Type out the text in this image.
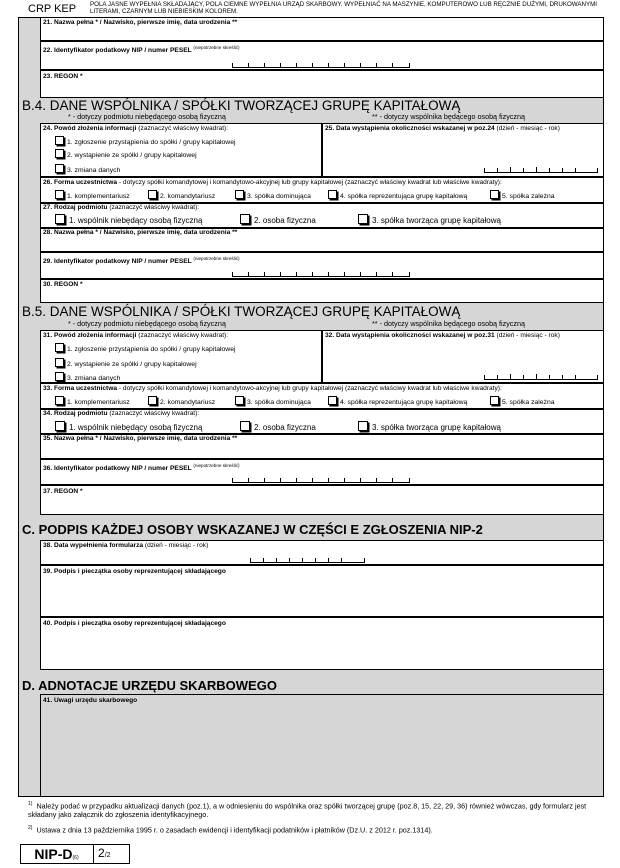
CRP KEP POLA JASNE WYPEŁNIA SKŁADAJĄCY, POLA CIEMNE WYPEŁNIA URZĄD SKARBOWY. WYPEŁNIAĆ NA MASZYNIE, KOMPUTEROWO LUB RĘCZNIE DUŻYMI, DRUKOWANYMI LITERAMI, CZARNYM LUB NIEBIESKIM KOLOREM.
21. Nazwa pełna * / Nazwisko, pierwsze imię, data urodzenia **
22. Identyfikator podatkowy NIP / numer PESEL $^{(niepotrzebne skreślić)}$
23. REGON *
B.4. DANE WSPÓLNIKA / SPÓŁKI TWORZĄCEJ GRUPĘ KAPITAŁOWĄ
* - dotyczy podmiotu niebędącego osobą fizyczną	** - dotyczy wspólnika będącego osobą fizyczną
24. Powód złożenia informacji (zaznaczyć właściwy kwadrat):
1. zgłoszenie przystąpienia do spółki / grupy kapitałowej
2. wystąpienie ze spółki / grupy kapitałowej
3. zmiana danych
25. Data wystąpienia okoliczności wskazanej w poz.24 (dzień - miesiąc - rok)
26. Forma uczestnictwa - dotyczy spółki komandytowej i komandytowo-akcyjnej lub grupy kapitałowej (zaznaczyć właściwy kwadrat lub właściwe kwadraty):
1. komplementariusz	2. komandytariusz	3. spółka dominująca	4. spółka reprezentująca grupę kapitałową	5. spółka zależna
27. Rodzaj podmiotu (zaznaczyć właściwy kwadrat):
1. wspólnik niebędący osobą fizyczną	2. osoba fizyczna	3. spółka tworząca grupę kapitałową
28. Nazwa pełna * / Nazwisko, pierwsze imię, data urodzenia **
29. Identyfikator podatkowy NIP / numer PESEL $^{(niepotrzebne skreślić)}$
30. REGON *
B.5. DANE WSPÓLNIKA / SPÓŁKI TWORZĄCEJ GRUPĘ KAPITAŁOWĄ
* - dotyczy podmiotu niebędącego osobą fizyczną	** - dotyczy wspólnika będącego osobą fizyczną
31. Powód złożenia informacji (zaznaczyć właściwy kwadrat):
1. zgłoszenie przystąpienia do spółki / grupy kapitałowej
2. wystąpienie ze spółki / grupy kapitałowej
3. zmiana danych
32. Data wystąpienia okoliczności wskazanej w poz.31 (dzień - miesiąc - rok)
33. Forma uczestnictwa - dotyczy spółki komandytowej i komandytowo-akcyjnej lub grupy kapitałowej (zaznaczyć właściwy kwadrat lub właściwe kwadraty):
1. komplementariusz	2. komandytariusz	3. spółka dominująca	4. spółka reprezentująca grupę kapitałową	5. spółka zależna
34. Rodzaj podmiotu (zaznaczyć właściwy kwadrat):
1. wspólnik niebędący osobą fizyczną	2. osoba fizyczna	3. spółka tworząca grupę kapitałową
35. Nazwa pełna * / Nazwisko, pierwsze imię, data urodzenia **
36. Identyfikator podatkowy NIP / numer PESEL $^{(niepotrzebne skreślić)}$
37. REGON *
C. PODPIS KAŻDEJ OSOBY WSKAZANEJ W CZĘŚCI E ZGŁOSZENIA NIP-2
38. Data wypełnienia formularza (dzień - miesiąc - rok)
39. Podpis i pieczątka osoby reprezentującej składającego
40. Podpis i pieczątka osoby reprezentującej składającego
D. ADNOTACJE URZĘDU SKARBOWEGO
41. Uwagi urzędu skarbowego
$^{1)}$ Należy podać w przypadku aktualizacji danych (poz.1), a w odniesieniu do wspólnika oraz spółki tworzącej grupę (poz.8, 15, 22, 29, 36) również wówczas, gdy formularz jest składany jako załącznik do zgłoszenia identyfikacyjnego.
$^{2)}$ Ustawa z dnia 13 października 1995 r. o zasadach ewidencji i identyfikacji podatników i płatników (Dz.U. z 2012 r. poz.1314).
NIP-D(6)	2/2
